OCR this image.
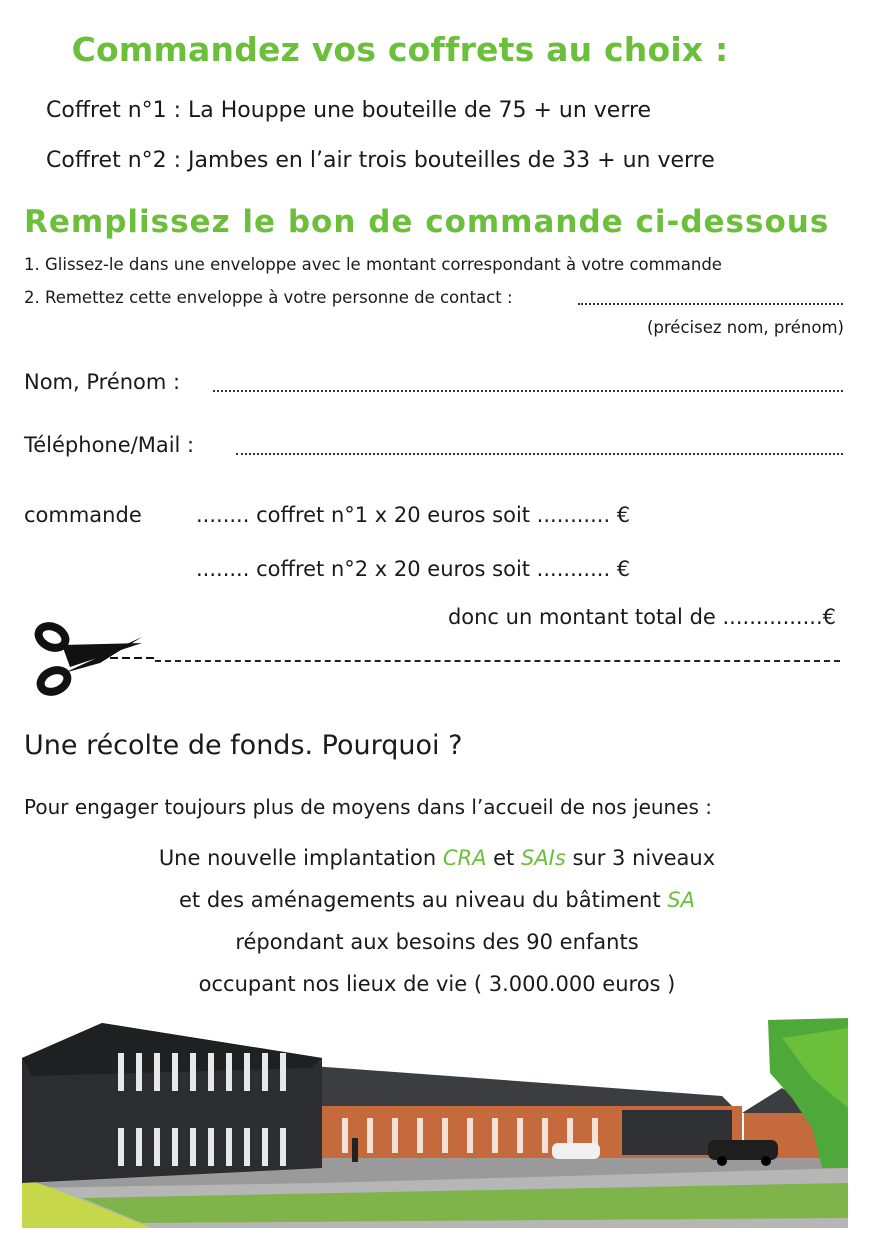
Commandez vos coffrets au choix :
Coffret n°1 : La Houppe une bouteille de 75 + un verre
Coffret n°2 : Jambes en l’air trois bouteilles de 33 + un verre
Remplissez le bon de commande ci-dessous
1. Glissez-le dans une enveloppe avec le montant correspondant à votre commande
2. Remettez cette enveloppe à votre personne de contact :
(précisez nom, prénom)
Nom, Prénom :
Téléphone/Mail :
commande	........ coffret n°1 x 20 euros soit ........... €
........ coffret n°2 x 20 euros soit ........... €
donc un montant total de ...............€
Une récolte de fonds. Pourquoi ?
Pour engager toujours plus de moyens dans l’accueil de nos jeunes :
Une nouvelle implantation CRA et SAIs sur 3 niveaux
et des aménagements au niveau du bâtiment SA
répondant aux besoins des 90 enfants
occupant nos lieux de vie ( 3.000.000 euros )
